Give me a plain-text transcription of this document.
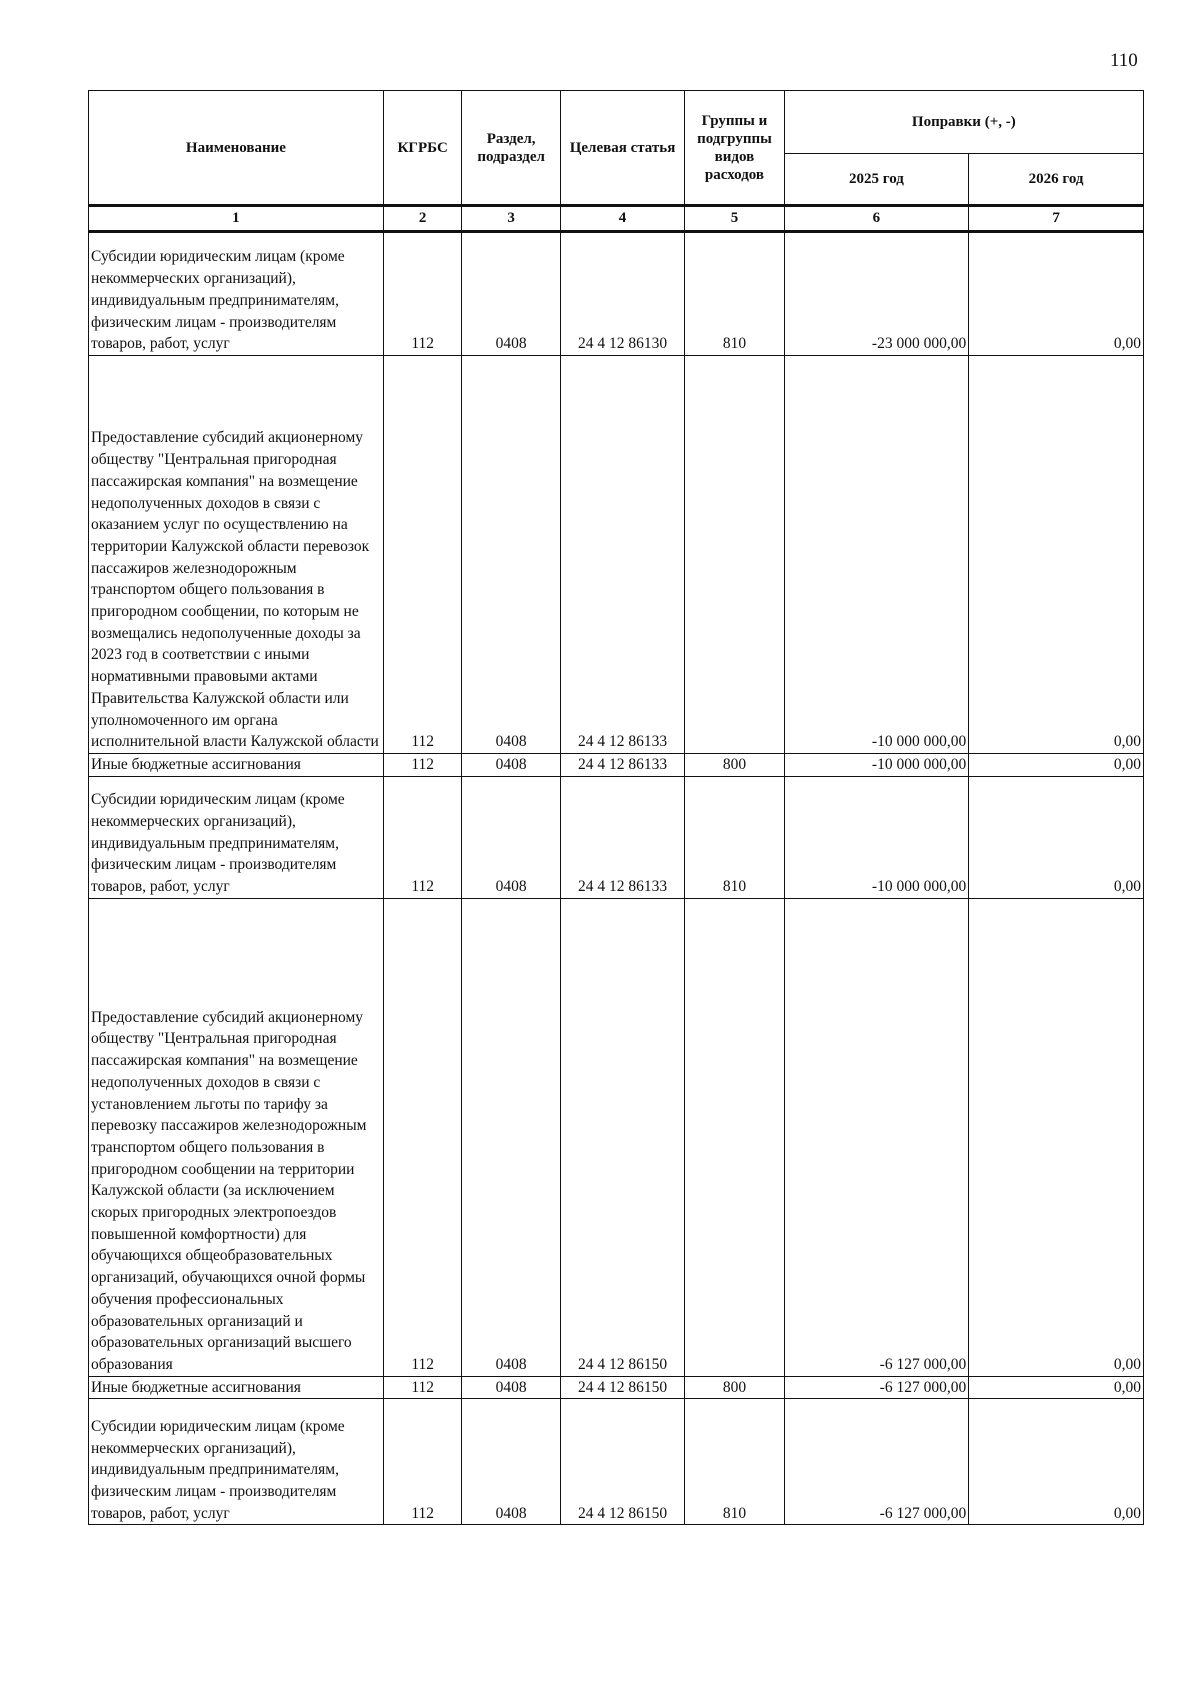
110
Наименование	КГРБС	Раздел, подраздел	Целевая статья	Группы и подгруппы видов расходов	Поправки (+, -)	
					2025 год	2026 год
1	2	3	4	5	6	7
Субсидии юридическим лицам (кроме некоммерческих организаций), индивидуальным предпринимателям, физическим лицам - производителям товаров, работ, услуг	112	0408	24 4 12 86130	810	-23 000 000,00	0,00
Предоставление субсидий акционерному обществу "Центральная пригородная пассажирская компания" на возмещение недополученных доходов в связи с оказанием услуг по осуществлению на территории Калужской области перевозок пассажиров железнодорожным транспортом общего пользования в пригородном сообщении, по которым не возмещались недополученные доходы за 2023 год в соответствии с иными нормативными правовыми актами Правительства Калужской области или уполномоченного им органа исполнительной власти Калужской области	112	0408	24 4 12 86133		-10 000 000,00	0,00
Иные бюджетные ассигнования	112	0408	24 4 12 86133	800	-10 000 000,00	0,00
Субсидии юридическим лицам (кроме некоммерческих организаций), индивидуальным предпринимателям, физическим лицам - производителям товаров, работ, услуг	112	0408	24 4 12 86133	810	-10 000 000,00	0,00
Предоставление субсидий акционерному обществу "Центральная пригородная пассажирская компания" на возмещение недополученных доходов в связи с установлением льготы по тарифу за перевозку пассажиров железнодорожным транспортом общего пользования в пригородном сообщении на территории Калужской области (за исключением скорых пригородных электропоездов повышенной комфортности) для обучающихся общеобразовательных организаций, обучающихся очной формы обучения профессиональных образовательных организаций и образовательных организаций высшего образования	112	0408	24 4 12 86150		-6 127 000,00	0,00
Иные бюджетные ассигнования	112	0408	24 4 12 86150	800	-6 127 000,00	0,00
Субсидии юридическим лицам (кроме некоммерческих организаций), индивидуальным предпринимателям, физическим лицам - производителям товаров, работ, услуг	112	0408	24 4 12 86150	810	-6 127 000,00	0,00
